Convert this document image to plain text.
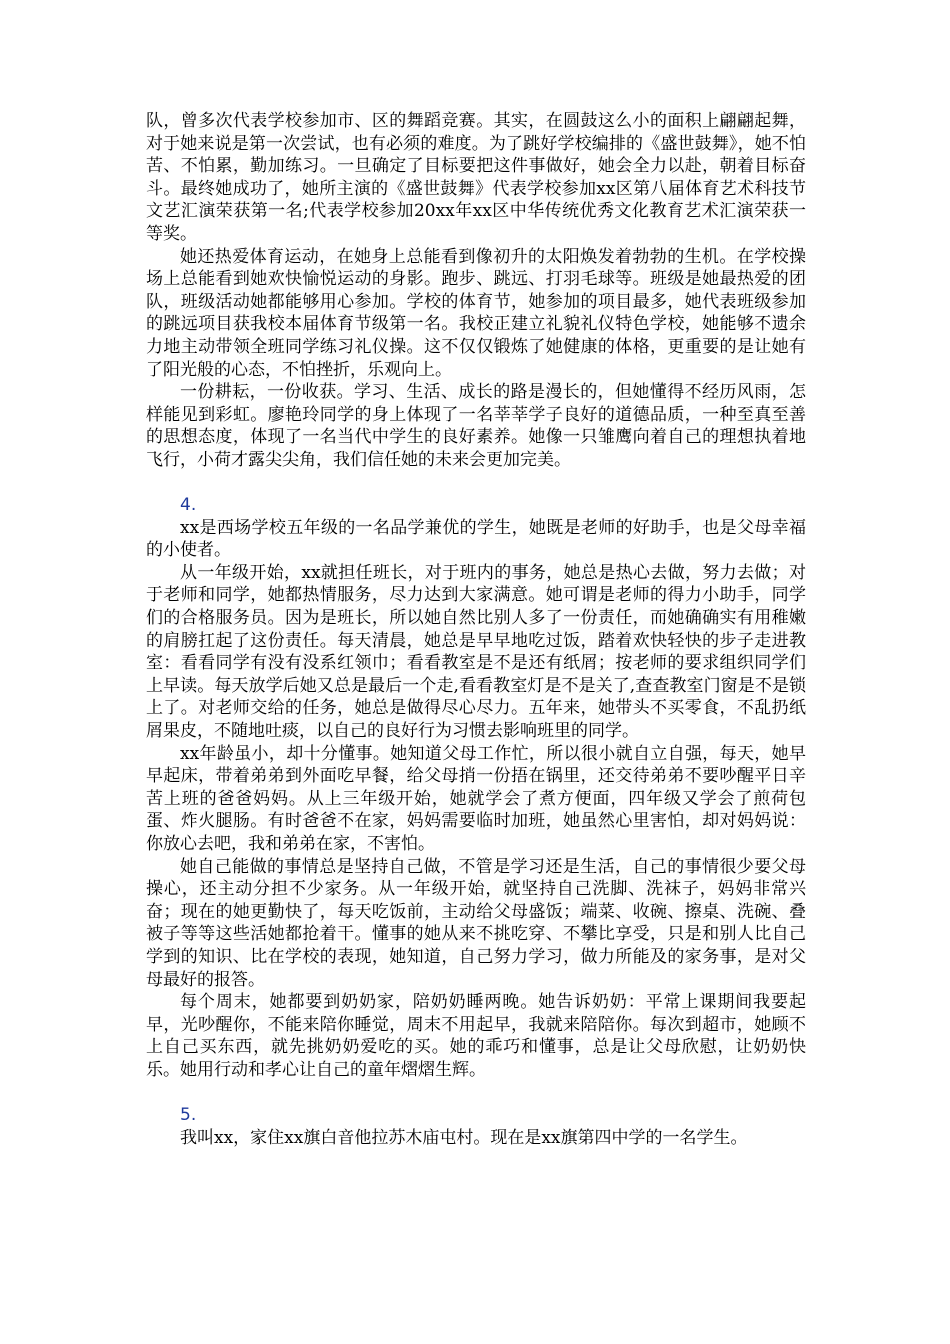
队，曾多次代表学校参加市、区的舞蹈竞赛。其实，在圆鼓这么小的面积上翩翩起舞，对于她来说是第一次尝试，也有必须的难度。为了跳好学校编排的《盛世鼓舞》，她不怕苦、不怕累，勤加练习。一旦确定了目标要把这件事做好，她会全力以赴，朝着目标奋斗。最终她成功了，她所主演的《盛世鼓舞》代表学校参加xx区第八届体育艺术科技节文艺汇演荣获第一名;代表学校参加20xx年xx区中华传统优秀文化教育艺术汇演荣获一等奖。

她还热爱体育运动，在她身上总能看到像初升的太阳焕发着勃勃的生机。在学校操场上总能看到她欢快愉悦运动的身影。跑步、跳远、打羽毛球等。班级是她最热爱的团队，班级活动她都能够用心参加。学校的体育节，她参加的项目最多，她代表班级参加的跳远项目获我校本届体育节级第一名。我校正建立礼貌礼仪特色学校，她能够不遗余力地主动带领全班同学练习礼仪操。这不仅仅锻炼了她健康的体格，更重要的是让她有了阳光般的心态，不怕挫折，乐观向上。

一份耕耘，一份收获。学习、生活、成长的路是漫长的，但她懂得不经历风雨，怎样能见到彩虹。廖艳玲同学的身上体现了一名莘莘学子良好的道德品质，一种至真至善的思想态度，体现了一名当代中学生的良好素养。她像一只雏鹰向着自己的理想执着地飞行，小荷才露尖尖角，我们信任她的未来会更加完美。

4.

xx是西场学校五年级的一名品学兼优的学生，她既是老师的好助手，也是父母幸福的小使者。

从一年级开始，xx就担任班长，对于班内的事务，她总是热心去做，努力去做；对于老师和同学，她都热情服务，尽力达到大家满意。她可谓是老师的得力小助手，同学们的合格服务员。因为是班长，所以她自然比别人多了一份责任，而她确确实有用稚嫩的肩膀扛起了这份责任。每天清晨，她总是早早地吃过饭，踏着欢快轻快的步子走进教室：看看同学有没有没系红领巾；看看教室是不是还有纸屑；按老师的要求组织同学们上早读。每天放学后她又总是最后一个走,看看教室灯是不是关了,查查教室门窗是不是锁上了。对老师交给的任务，她总是做得尽心尽力。五年来，她带头不买零食，不乱扔纸屑果皮，不随地吐痰，以自己的良好行为习惯去影响班里的同学。

xx年龄虽小，却十分懂事。她知道父母工作忙，所以很小就自立自强，每天，她早早起床，带着弟弟到外面吃早餐，给父母捎一份捂在锅里，还交待弟弟不要吵醒平日辛苦上班的爸爸妈妈。从上三年级开始，她就学会了煮方便面，四年级又学会了煎荷包蛋、炸火腿肠。有时爸爸不在家，妈妈需要临时加班，她虽然心里害怕，却对妈妈说：你放心去吧，我和弟弟在家，不害怕。

她自己能做的事情总是坚持自己做，不管是学习还是生活，自己的事情很少要父母操心，还主动分担不少家务。从一年级开始，就坚持自己洗脚、洗袜子，妈妈非常兴奋；现在的她更勤快了，每天吃饭前，主动给父母盛饭；端菜、收碗、擦桌、洗碗、叠被子等等这些活她都抢着干。懂事的她从来不挑吃穿、不攀比享受，只是和别人比自己学到的知识、比在学校的表现，她知道，自己努力学习，做力所能及的家务事，是对父母最好的报答。

每个周末，她都要到奶奶家，陪奶奶睡两晚。她告诉奶奶：平常上课期间我要起早，光吵醒你，不能来陪你睡觉，周末不用起早，我就来陪陪你。每次到超市，她顾不上自己买东西，就先挑奶奶爱吃的买。她的乖巧和懂事，总是让父母欣慰，让奶奶快乐。她用行动和孝心让自己的童年熠熠生辉。

5.

我叫xx，家住xx旗白音他拉苏木庙屯村。现在是xx旗第四中学的一名学生。
